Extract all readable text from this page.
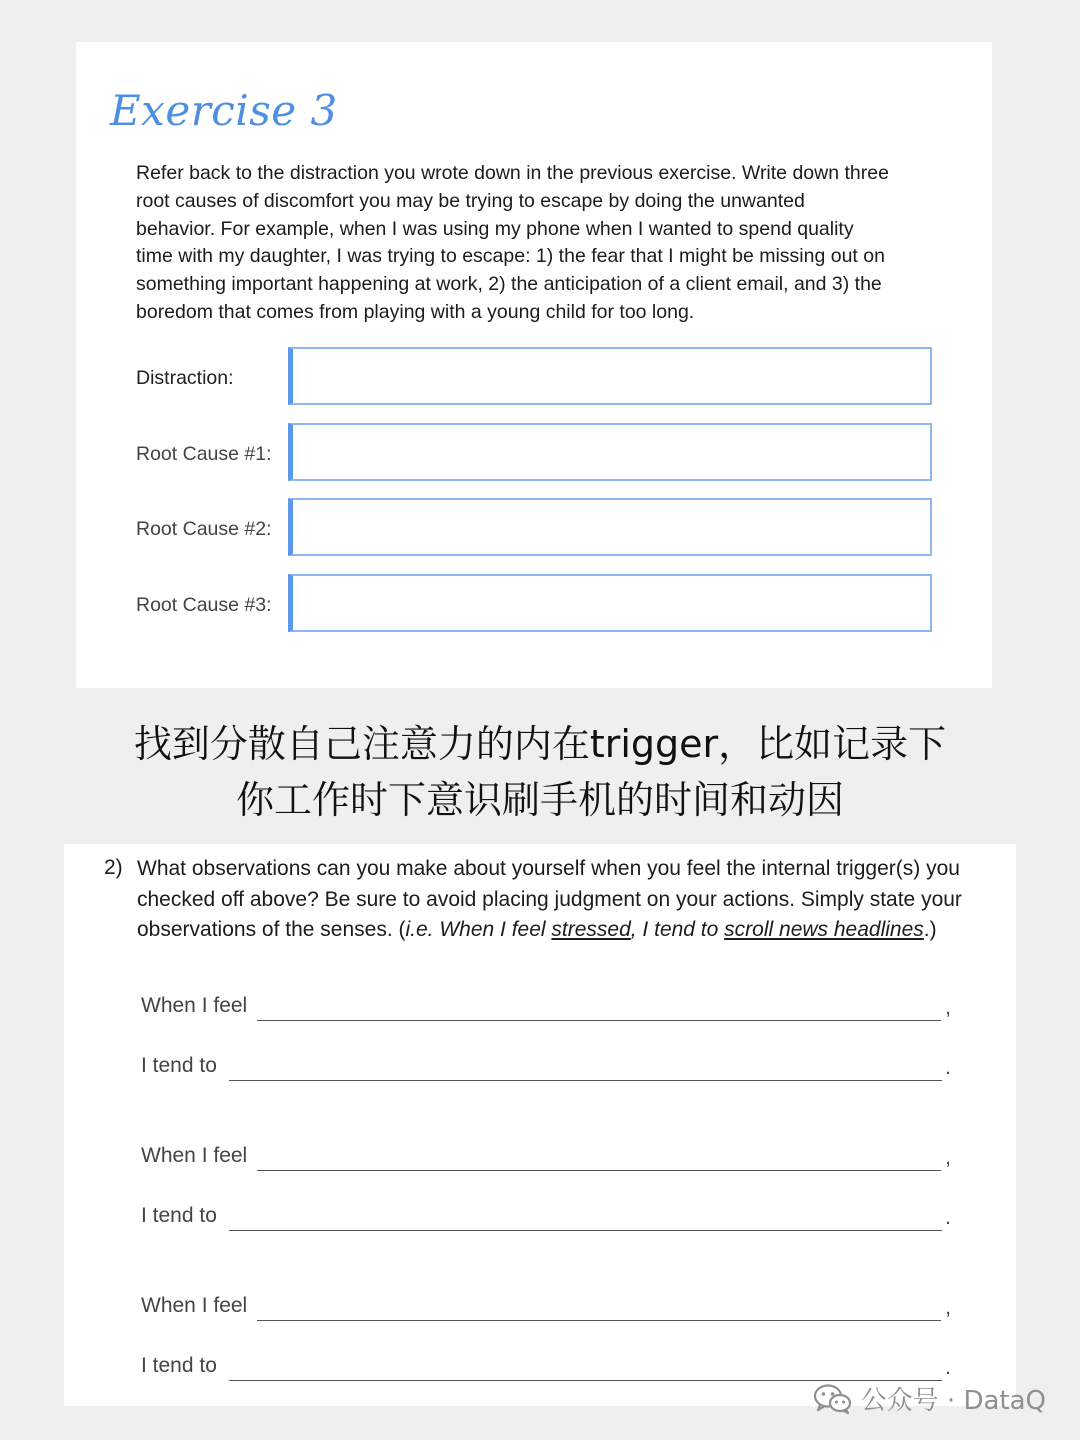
Exercise 3

Refer back to the distraction you wrote down in the previous exercise. Write down three
root causes of discomfort you may be trying to escape by doing the unwanted
behavior. For example, when I was using my phone when I wanted to spend quality
time with my daughter, I was trying to escape: 1) the fear that I might be missing out on
something important happening at work, 2) the anticipation of a client email, and 3) the
boredom that comes from playing with a young child for too long.

Distraction:
Root Cause #1:
Root Cause #2:
Root Cause #3:
找到分散自己注意力的内在trigger，比如记录下
你工作时下意识刷手机的时间和动因
2) What observations can you make about yourself when you feel the internal trigger(s) you checked off above? Be sure to avoid placing judgment on your actions. Simply state your observations of the senses. (i.e. When I feel stressed, I tend to scroll news headlines.)

When I feel	,
I tend to	.
When I feel	,
I tend to	.
When I feel	,
I tend to	.
公众号 · DataQ
